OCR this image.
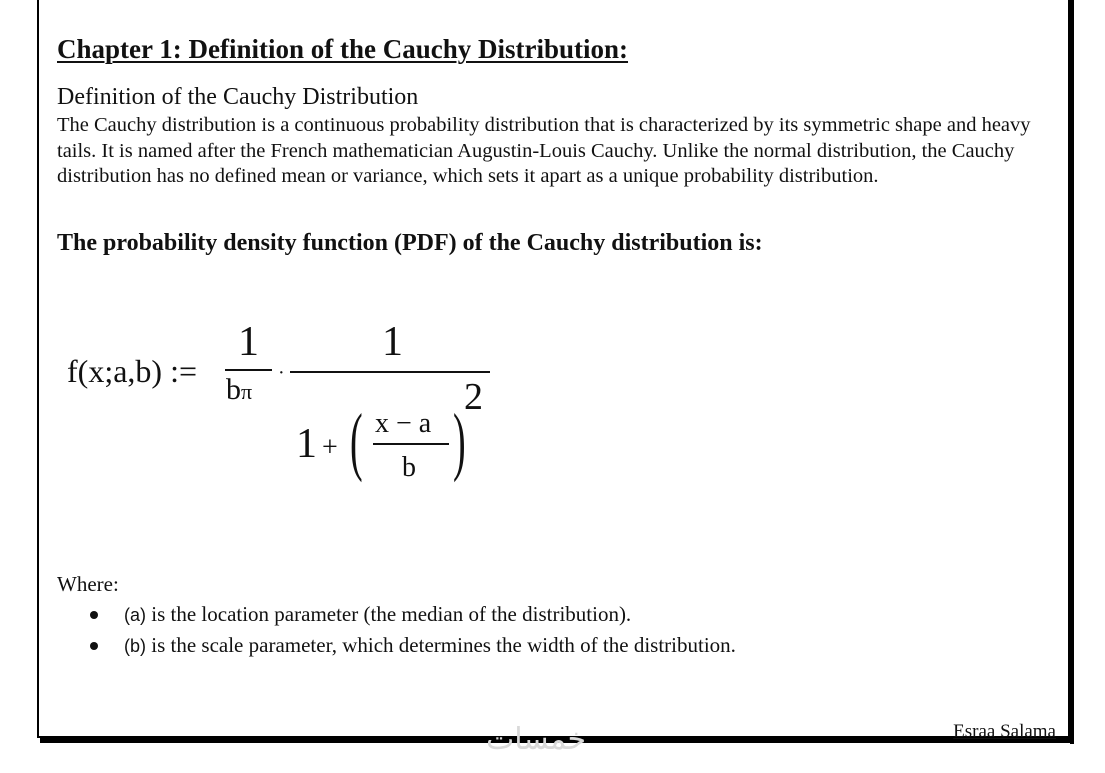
Chapter 1: Definition of the Cauchy Distribution:
Definition of the Cauchy Distribution

The Cauchy distribution is a continuous probability distribution that is characterized by its symmetric shape and heavy tails. It is named after the French mathematician Augustin-Louis Cauchy. Unlike the normal distribution, the Cauchy distribution has no defined mean or variance, which sets it apart as a unique probability distribution.

The probability density function (PDF) of the Cauchy distribution is:
f(x;a,b) :=
1
bπ
·
1
1 + ( x − a
b )
2
Where:
(a) is the location parameter (the median of the distribution).
(b) is the scale parameter, which determines the width of the distribution.
خمسات	Esraa Salama
